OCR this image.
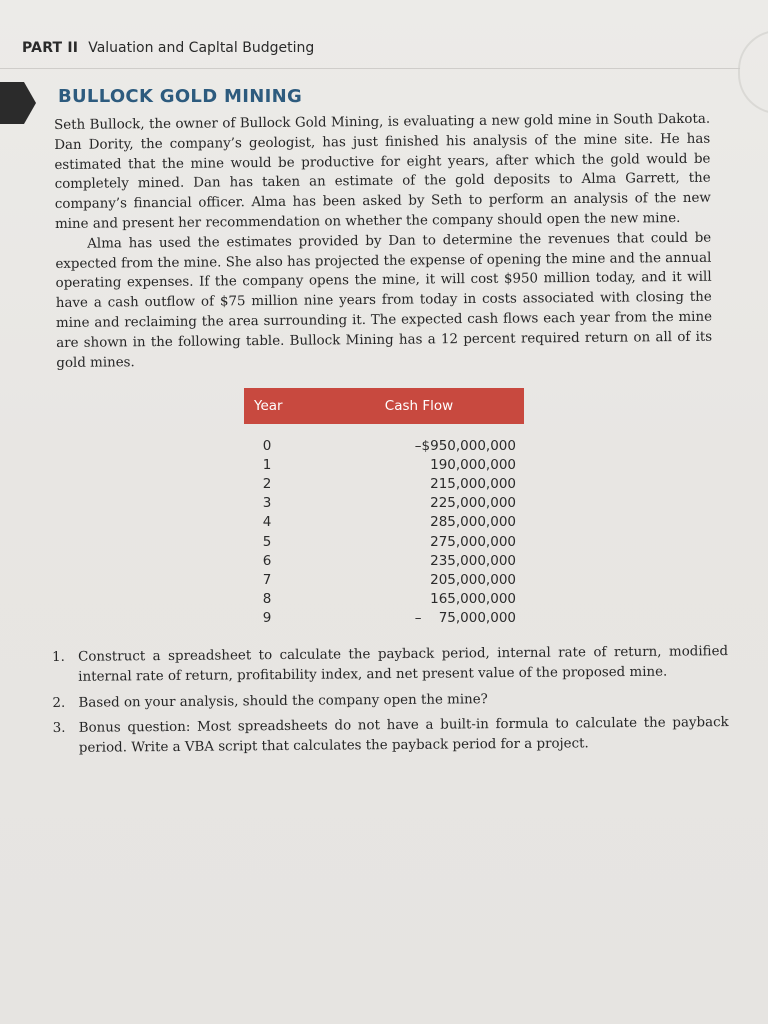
PART II Valuation and Capltal Budgeting
BULLOCK GOLD MINING

Seth Bullock, the owner of Bullock Gold Mining, is evaluating a new gold mine in South Dakota. Dan Dority, the company’s geologist, has just finished his analysis of the mine site. He has estimated that the mine would be productive for eight years, after which the gold would be completely mined. Dan has taken an estimate of the gold deposits to Alma Garrett, the company’s financial officer. Alma has been asked by Seth to perform an analysis of the new mine and present her recommendation on whether the company should open the new mine.

Alma has used the estimates provided by Dan to determine the revenues that could be expected from the mine. She also has projected the expense of opening the mine and the annual operating expenses. If the company opens the mine, it will cost $950 million today, and it will have a cash outflow of $75 million nine years from today in costs associated with closing the mine and reclaiming the area surrounding it. The expected cash flows each year from the mine are shown in the following table. Bullock Mining has a 12 percent required return on all of its gold mines.

Year	Cash Flow
0	–$950,000,000
1	190,000,000
2	215,000,000
3	225,000,000
4	285,000,000
5	275,000,000
6	235,000,000
7	205,000,000
8	165,000,000
9	–    75,000,000
1. Construct a spreadsheet to calculate the payback period, internal rate of return, modified internal rate of return, profitability index, and net present value of the proposed mine.
2. Based on your analysis, should the company open the mine?
3. Bonus question: Most spreadsheets do not have a built-in formula to calculate the payback period. Write a VBA script that calculates the payback period for a project.
